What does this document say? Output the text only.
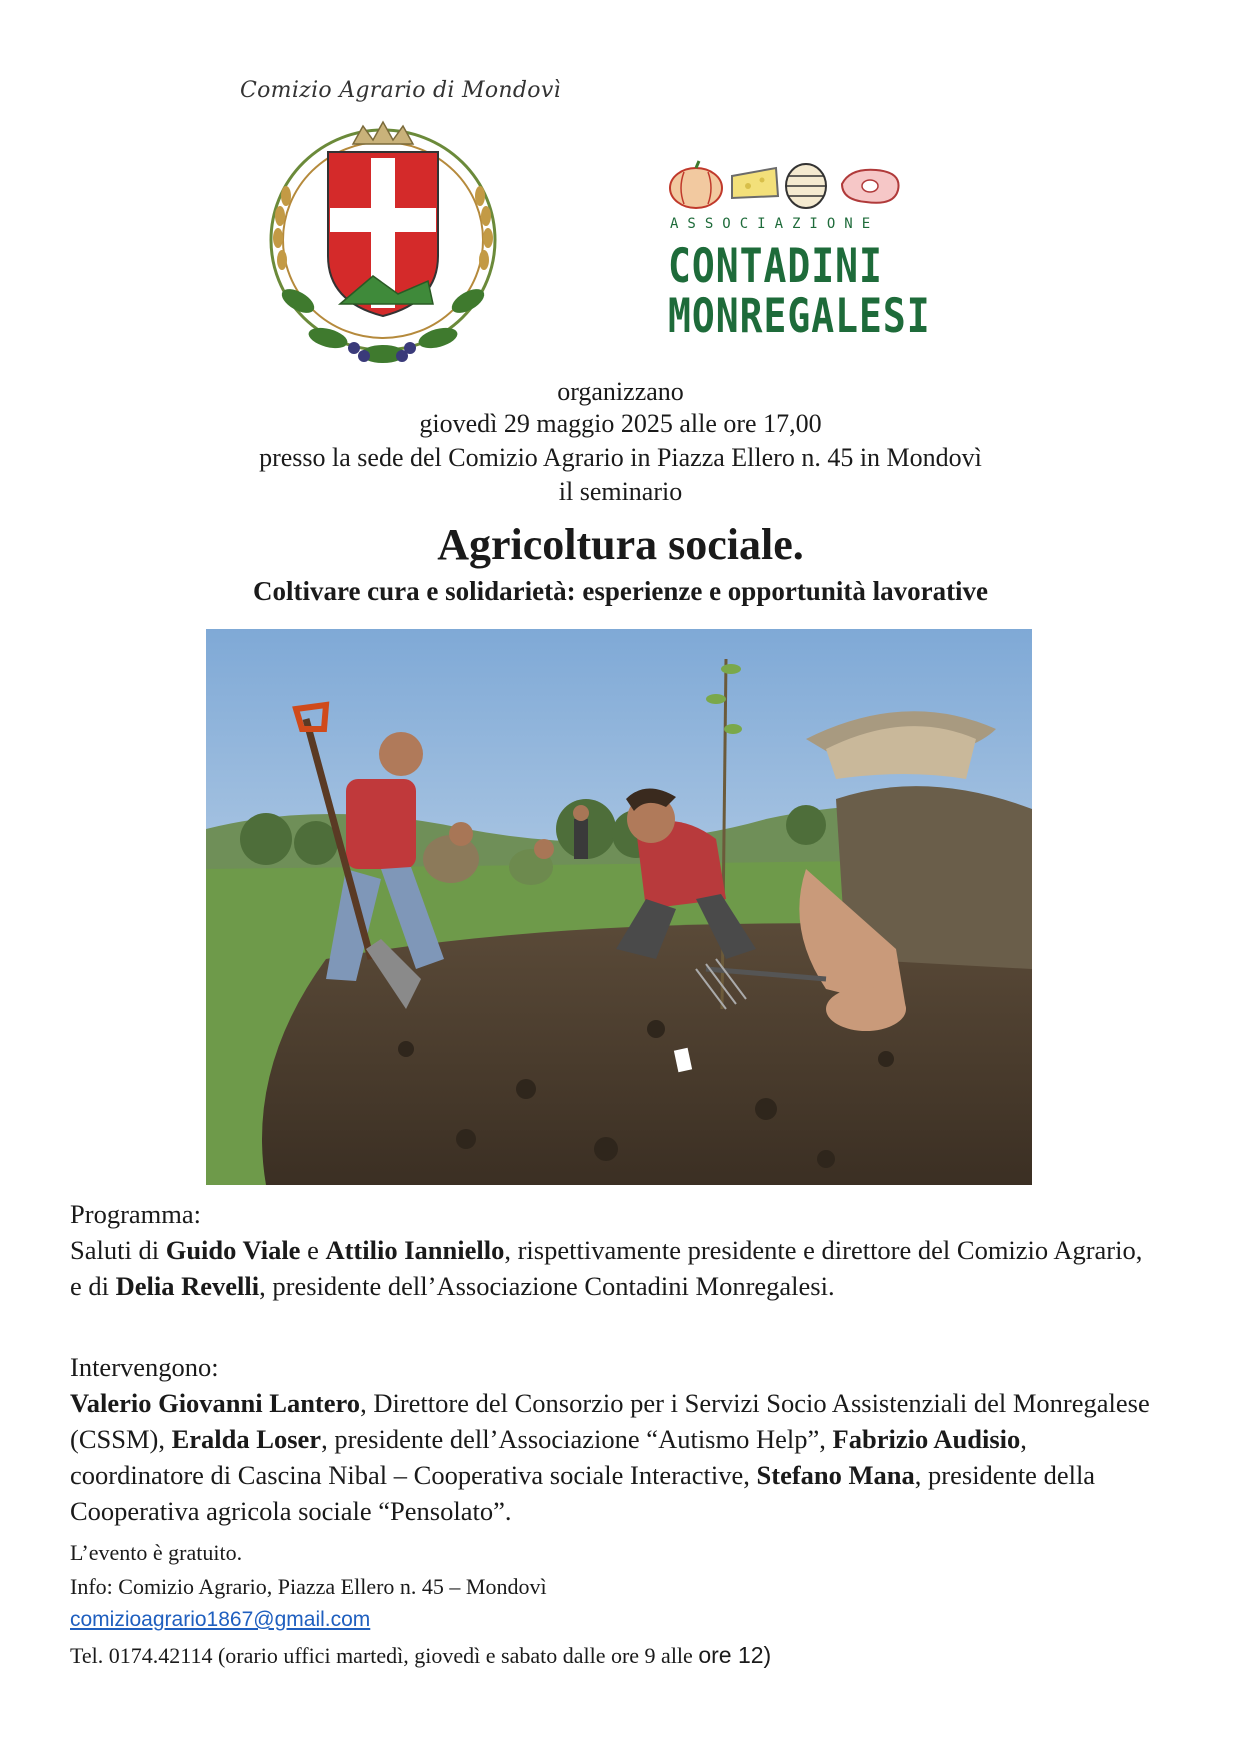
Comizio Agrario di Mondovì
ASSOCIAZIONE
CONTADINI
MONREGALESI
organizzano
giovedì 29 maggio 2025 alle ore 17,00
presso la sede del Comizio Agrario in Piazza Ellero n. 45 in Mondovì
il seminario
Agricoltura sociale.
Coltivare cura e solidarietà: esperienze e opportunità lavorative
Programma:
Saluti di Guido Viale e Attilio Ianniello, rispettivamente presidente e direttore del Comizio Agrario, e di Delia Revelli, presidente dell’Associazione Contadini Monregalesi.
Intervengono:
Valerio Giovanni Lantero, Direttore del Consorzio per i Servizi Socio Assistenziali del Monregalese (CSSM), Eralda Loser, presidente dell’Associazione “Autismo Help”, Fabrizio Audisio, coordinatore di Cascina Nibal – Cooperativa sociale Interactive, Stefano Mana, presidente della Cooperativa agricola sociale “Pensolato”.
L’evento è gratuito.
Info: Comizio Agrario, Piazza Ellero n. 45 – Mondovì
comizioagrario1867@gmail.com
Tel. 0174.42114 (orario uffici martedì, giovedì e sabato dalle ore 9 alle ore 12)
